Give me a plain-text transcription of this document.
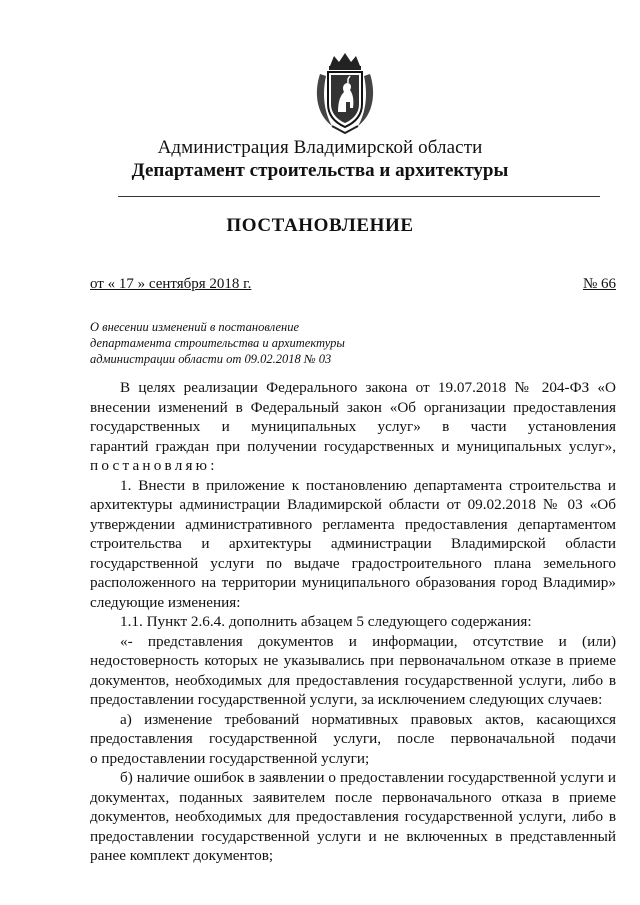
Администрация Владимирской области
Департамент строительства и архитектуры
ПОСТАНОВЛЕНИЕ
от « 17 » сентября 2018 г.	№ 66
О внесении изменений в постановление
департамента строительства и архитектуры
администрации области от 09.02.2018 № 03
В целях реализации Федерального закона от 19.07.2018 № 204-ФЗ «О
внесении изменений в Федеральный закон «Об организации предоставления
государственных и муниципальных услуг» в части установления
гарантий граждан при получении государственных и муниципальных услуг»,
постановляю:
1. Внести в приложение к постановлению департамента строительства и
архитектуры администрации Владимирской области от 09.02.2018 № 03 «Об
утверждении административного регламента предоставления департаментом
строительства и архитектуры администрации Владимирской области
государственной услуги по выдаче градостроительного плана земельного
расположенного на территории муниципального образования город Владимир»
следующие изменения:
1.1. Пункт 2.6.4. дополнить абзацем 5 следующего содержания:
«- представления документов и информации, отсутствие и (или)
недостоверность которых не указывались при первоначальном отказе в приеме
документов, необходимых для предоставления государственной услуги, либо в
предоставлении государственной услуги, за исключением следующих случаев:
а) изменение требований нормативных правовых актов, касающихся
предоставления государственной услуги, после первоначальной подачи
о предоставлении государственной услуги;
б) наличие ошибок в заявлении о предоставлении государственной услуги и
документах, поданных заявителем после первоначального отказа в приеме
документов, необходимых для предоставления государственной услуги, либо в
предоставлении государственной услуги и не включенных в представленный
ранее комплект документов;
